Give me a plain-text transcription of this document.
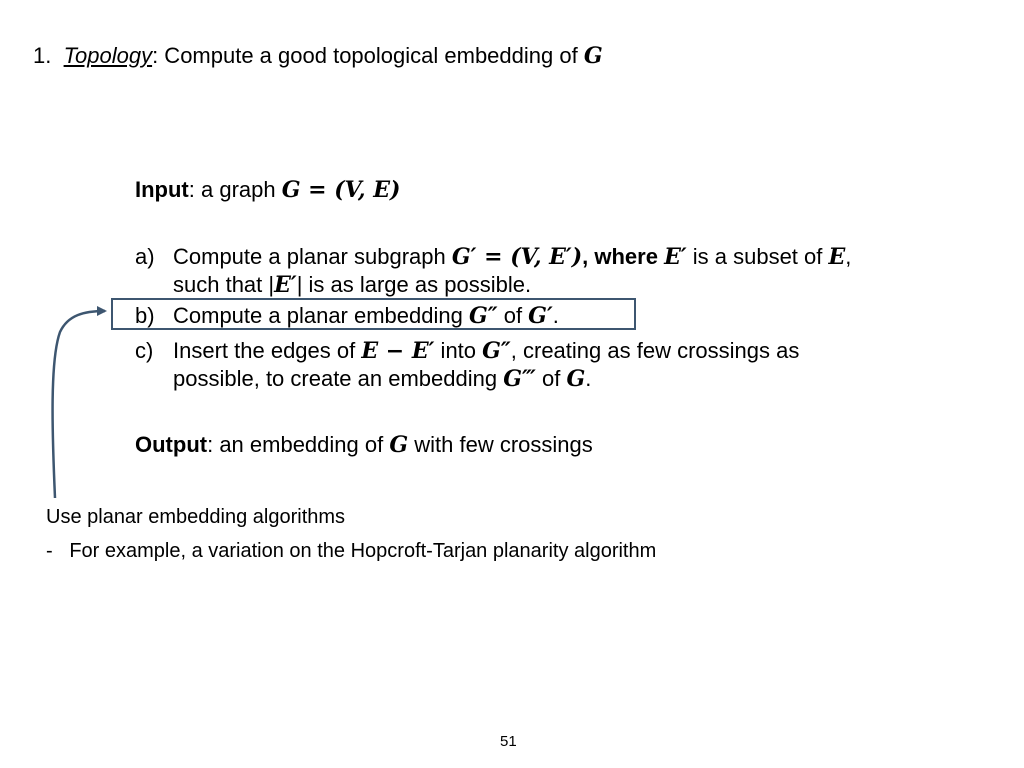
1. Topology: Compute a good topological embedding of G
Input: a graph G = (V, E)
a) Compute a planar subgraph G′ = (V, E′), where E′ is a subset of E,
such that |E′| is as large as possible.
b) Compute a planar embedding G″ of G′.
c) Insert the edges of E − E′ into G″, creating as few crossings as
possible, to create an embedding G‴ of G.
Output: an embedding of G with few crossings
Use planar embedding algorithms
-   For example, a variation on the Hopcroft-Tarjan planarity algorithm
51
